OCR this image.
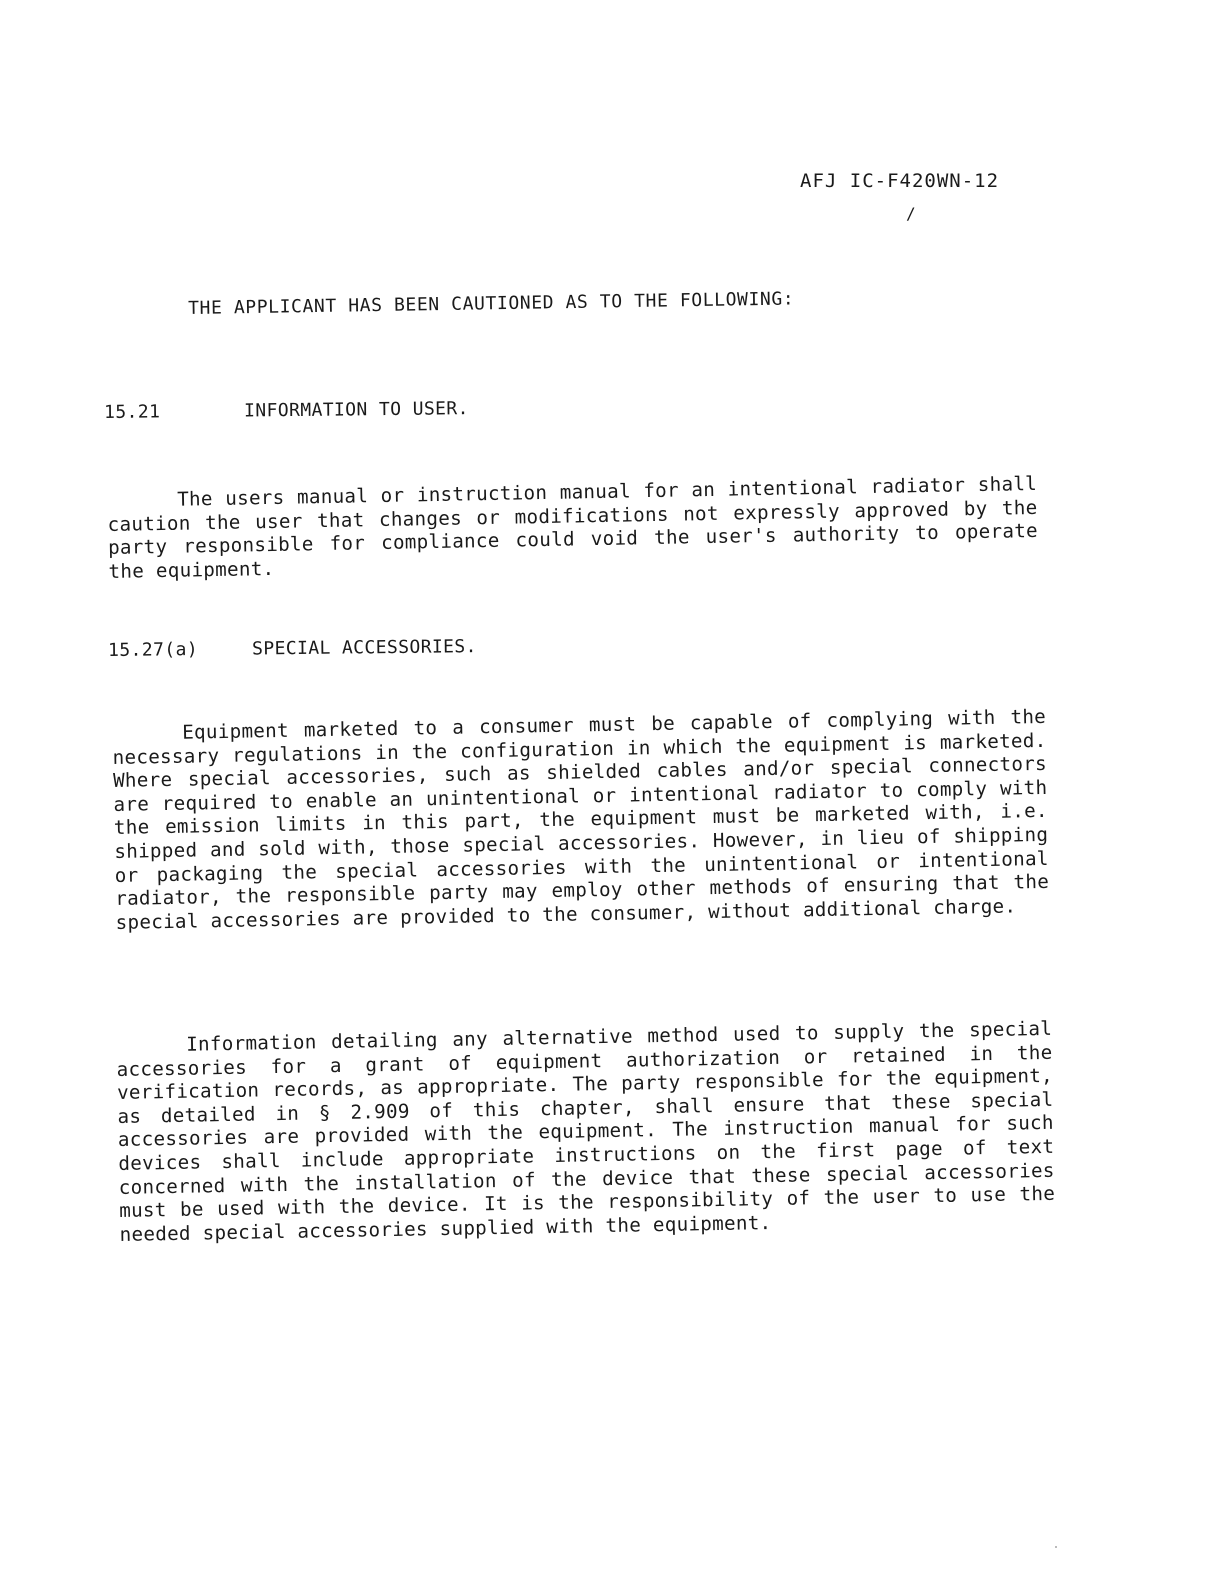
AFJ IC-F420WN-12
/
THE APPLICANT HAS BEEN CAUTIONED AS TO THE FOLLOWING:
15.21	INFORMATION TO USER.

The users manual or instruction manual for an intentional radiator shall caution the user that changes or modifications not expressly approved by the party responsible for compliance could void the user's authority to operate the equipment.

15.27(a)	SPECIAL ACCESSORIES.

Equipment marketed to a consumer must be capable of complying with the necessary regulations in the configuration in which the equipment is marketed. Where special accessories, such as shielded cables and/or special connectors are required to enable an unintentional or intentional radiator to comply with the emission limits in this part, the equipment must be marketed with, i.e. shipped and sold with, those special accessories. However, in lieu of shipping or packaging the special accessories with the unintentional or intentional radiator, the responsible party may employ other methods of ensuring that the special accessories are provided to the consumer, without additional charge.

Information detailing any alternative method used to supply the special accessories for a grant of equipment authorization or retained in the verification records, as appropriate. The party responsible for the equipment, as detailed in § 2.909 of this chapter, shall ensure that these special accessories are provided with the equipment. The instruction manual for such devices shall include appropriate instructions on the first page of text concerned with the installation of the device that these special accessories must be used with the device. It is the responsibility of the user to use the needed special accessories supplied with the equipment.
